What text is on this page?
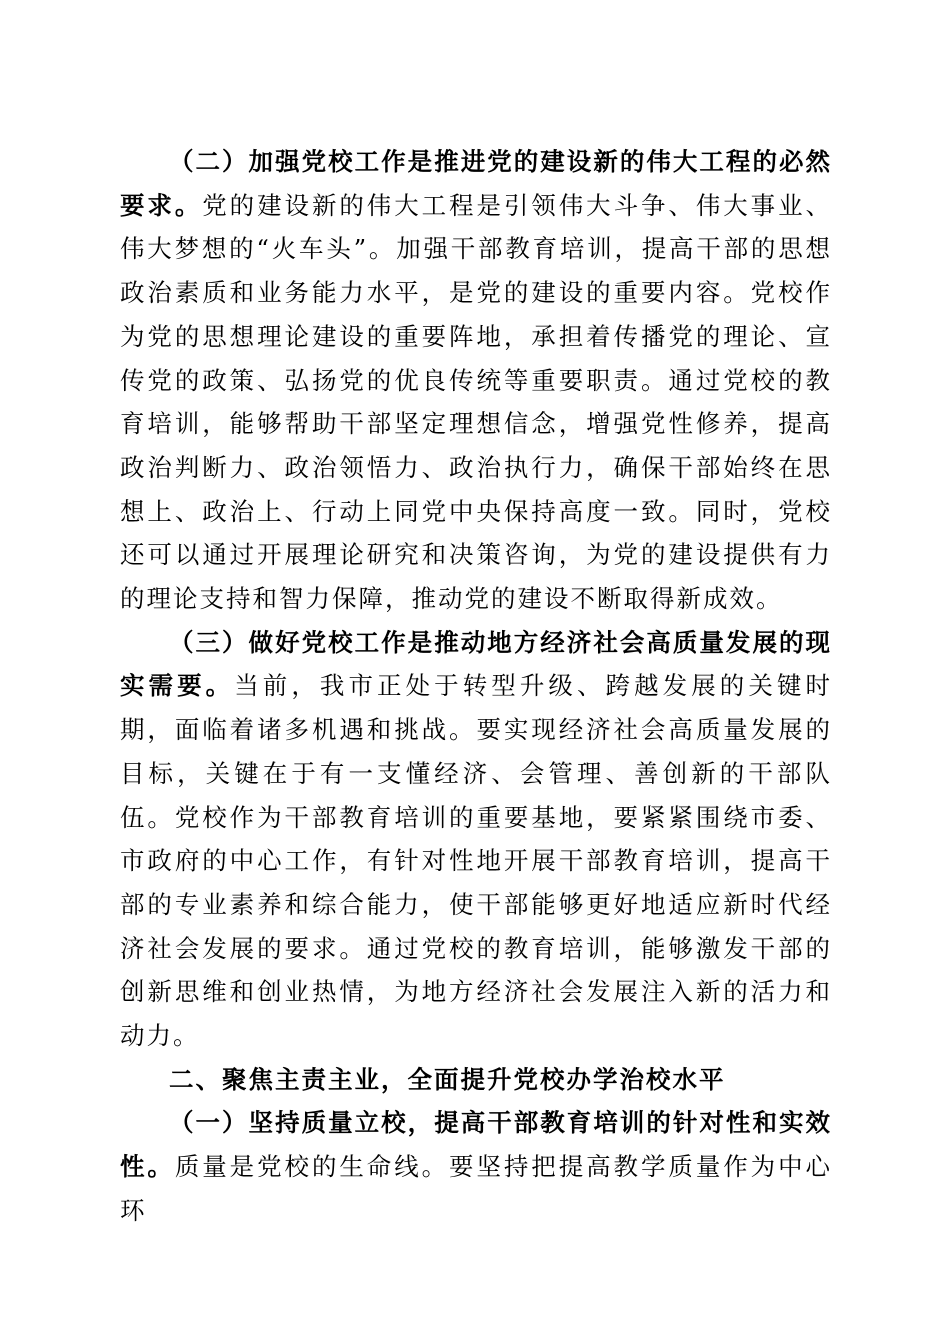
（二）加强党校工作是推进党的建设新的伟大工程的必然要求。党的建设新的伟大工程是引领伟大斗争、伟大事业、伟大梦想的“火车头”。加强干部教育培训，提高干部的思想政治素质和业务能力水平，是党的建设的重要内容。党校作为党的思想理论建设的重要阵地，承担着传播党的理论、宣传党的政策、弘扬党的优良传统等重要职责。通过党校的教育培训，能够帮助干部坚定理想信念，增强党性修养，提高政治判断力、政治领悟力、政治执行力，确保干部始终在思想上、政治上、行动上同党中央保持高度一致。同时，党校还可以通过开展理论研究和决策咨询，为党的建设提供有力的理论支持和智力保障，推动党的建设不断取得新成效。

（三）做好党校工作是推动地方经济社会高质量发展的现实需要。当前，我市正处于转型升级、跨越发展的关键时期，面临着诸多机遇和挑战。要实现经济社会高质量发展的目标，关键在于有一支懂经济、会管理、善创新的干部队伍。党校作为干部教育培训的重要基地，要紧紧围绕市委、市政府的中心工作，有针对性地开展干部教育培训，提高干部的专业素养和综合能力，使干部能够更好地适应新时代经济社会发展的要求。通过党校的教育培训，能够激发干部的创新思维和创业热情，为地方经济社会发展注入新的活力和动力。

二、聚焦主责主业，全面提升党校办学治校水平

（一）坚持质量立校，提高干部教育培训的针对性和实效性。质量是党校的生命线。要坚持把提高教学质量作为中心环
